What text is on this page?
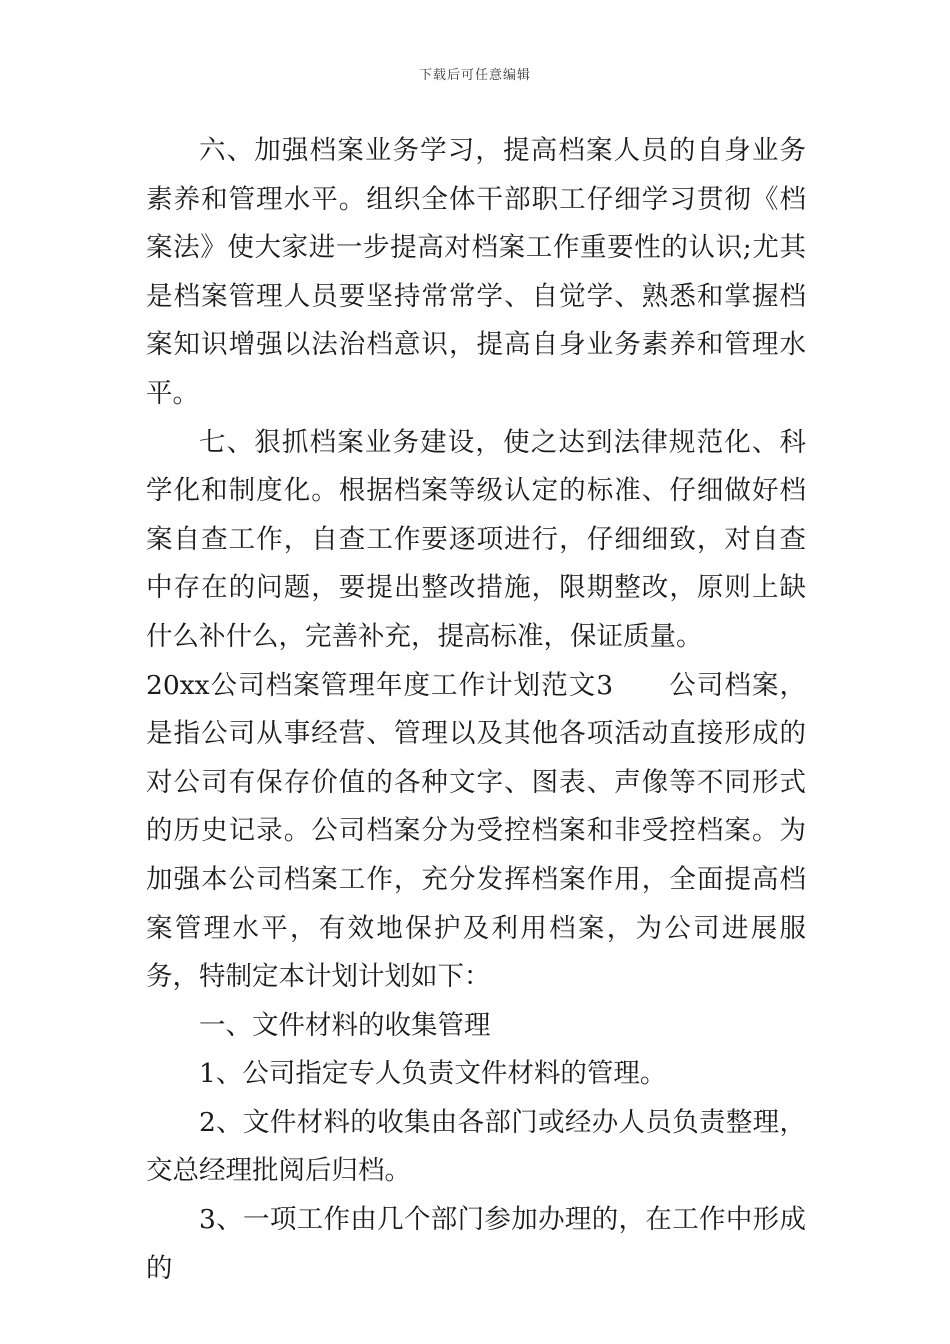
下载后可任意编辑

六、加强档案业务学习，提高档案人员的自身业务素养和管理水平。组织全体干部职工仔细学习贯彻《档案法》使大家进一步提高对档案工作重要性的认识;尤其是档案管理人员要坚持常常学、自觉学、熟悉和掌握档案知识增强以法治档意识，提高自身业务素养和管理水平。

七、狠抓档案业务建设，使之达到法律规范化、科学化和制度化。根据档案等级认定的标准、仔细做好档案自查工作，自查工作要逐项进行，仔细细致，对自查中存在的问题，要提出整改措施，限期整改，原则上缺什么补什么，完善补充，提高标准，保证质量。

20xx公司档案管理年度工作计划范文3　　公司档案，是指公司从事经营、管理以及其他各项活动直接形成的对公司有保存价值的各种文字、图表、声像等不同形式的历史记录。公司档案分为受控档案和非受控档案。为加强本公司档案工作，充分发挥档案作用，全面提高档案管理水平，有效地保护及利用档案，为公司进展服务，特制定本计划计划如下：

一、文件材料的收集管理

1、公司指定专人负责文件材料的管理。

2、文件材料的收集由各部门或经办人员负责整理，交总经理批阅后归档。

3、一项工作由几个部门参加办理的，在工作中形成的
